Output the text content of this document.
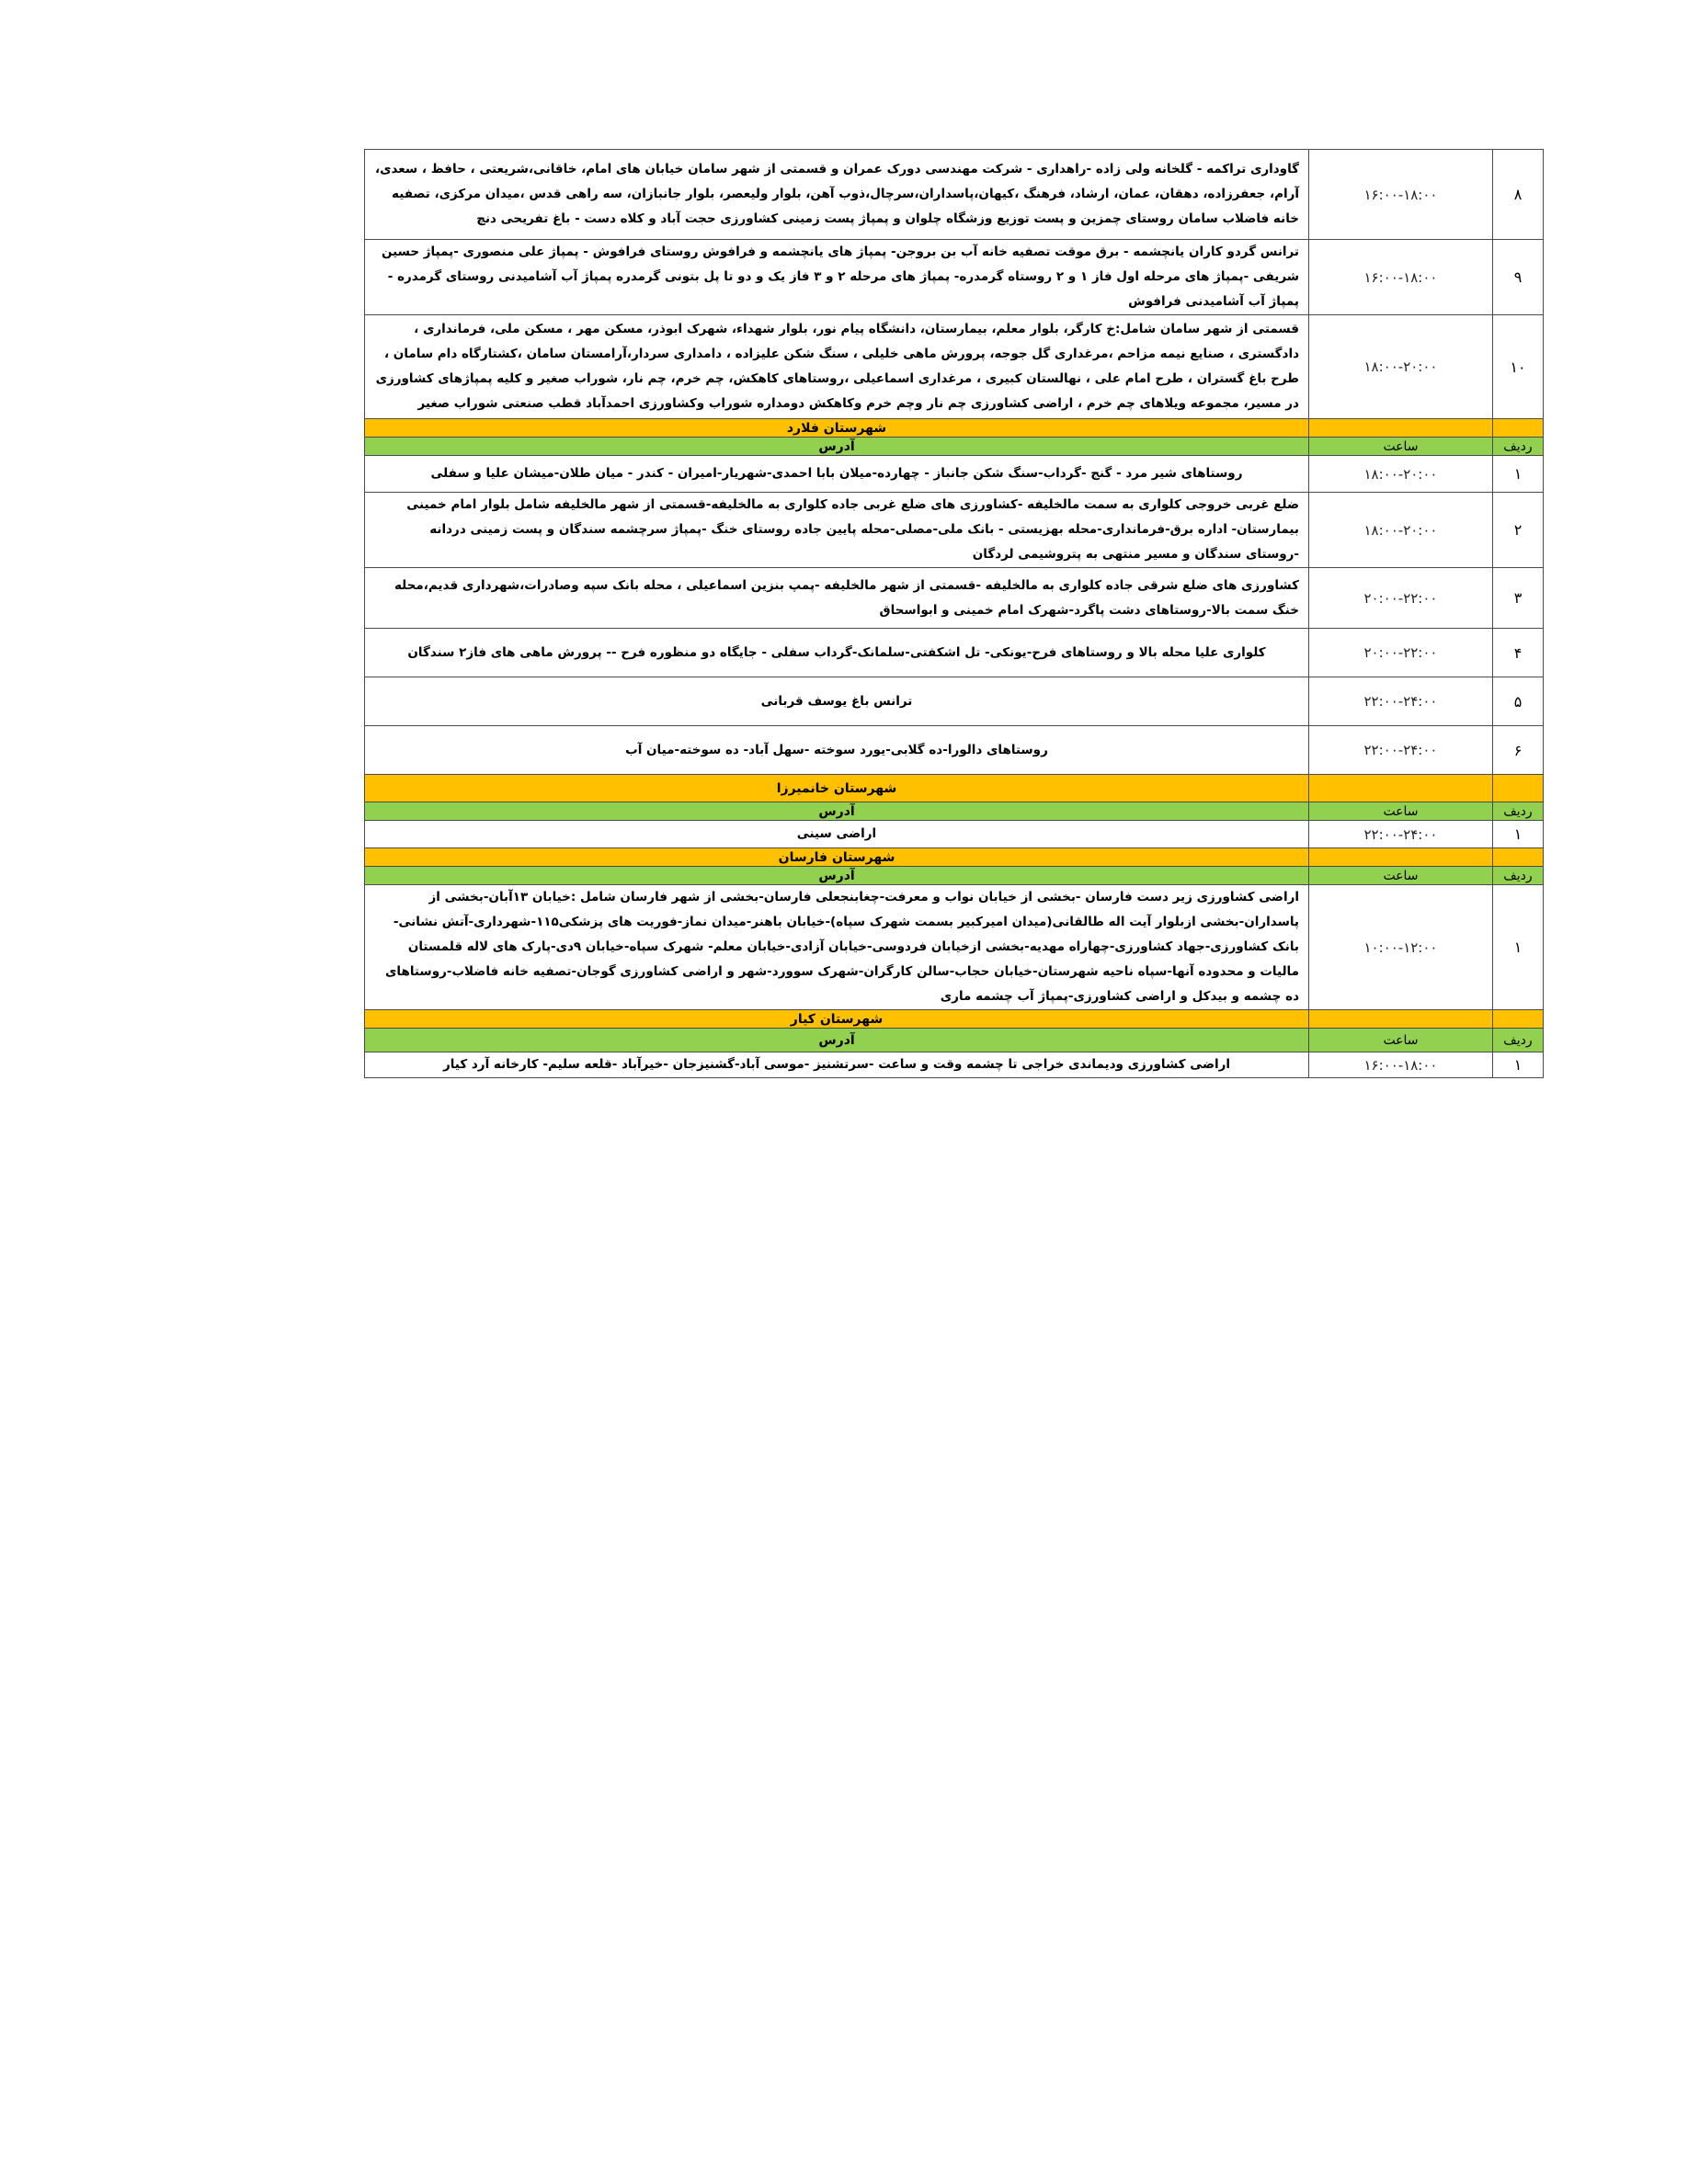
۸	۱۶:۰۰-۱۸:۰۰	گاوداری تراکمه - گلخانه ولی زاده -راهداری - شرکت مهندسی دورک عمران و قسمتی از شهر سامان خیابان های امام، خاقانی،شریعتی ، حافظ ، سعدی، آرام، جعفرزاده، دهقان، عمان، ارشاد، فرهنگ ،کیهان،پاسداران،سرچال،ذوب آهن، بلوار ولیعصر، بلوار جانبازان، سه راهی قدس ،میدان مرکزی، تصفیه خانه فاضلاب سامان روستای چمزین و پست توزیع وزشگاه چلوان و پمپاژ پست زمینی کشاورزی حجت آباد و کلاه دست - باغ تفریحی دنچ
۹	۱۶:۰۰-۱۸:۰۰	ترانس گردو کاران یانچشمه - برق موقت تصفیه خانه آب بن بروجن- پمپاژ های یانچشمه و فرافوش روستای فرافوش - پمپاژ علی منصوری -پمپاژ حسین شریفی -پمپاژ های مرحله اول فاز ۱ و ۲ روستاه گرمدره- پمپاژ های مرحله ۲ و ۳ فاز یک و دو تا پل بتونی گرمدره پمپاژ آب آشامیدنی روستای گرمدره - پمپاژ آب آشامیدنی فرافوش
۱۰	۱۸:۰۰-۲۰:۰۰	قسمتی از شهر سامان شامل:خ کارگر، بلوار معلم، بیمارستان، دانشگاه پیام نور، بلوار شهداء، شهرک ابوذر، مسکن مهر ، مسکن ملی، فرمانداری ، دادگستری ، صنایع نیمه مزاحم ،مرغداری گل جوجه، پرورش ماهی خلیلی ، سنگ شکن علیزاده ، دامداری سردار،آرامستان سامان ،کشتارگاه دام سامان ، طرح باغ گستران ، طرح امام علی ، نهالستان کبیری ، مرغداری اسماعیلی ،روستاهای کاهکش، چم خرم، چم نار، شوراب صغیر و کلیه پمپاژهای کشاورزی در مسیر، مجموعه ویلاهای چم خرم ، اراضی کشاورزی چم نار وچم خرم وکاهکش دومداره شوراب وکشاورزی احمدآباد قطب صنعتی شوراب صغیر
		شهرستان فلارد
ردیف	ساعت	آدرس
۱	۱۸:۰۰-۲۰:۰۰	روستاهای شیر مرد - گنج -گرداب-سنگ شکن جانباز - چهارده-میلان بابا احمدی-شهریار-امیران - کندر - میان طلان-میشان علیا و سفلی
۲	۱۸:۰۰-۲۰:۰۰	ضلع غربی خروجی کلواری به سمت مالخلیفه -کشاورزی های ضلع غربی جاده کلواری به مالخلیفه-قسمتی از شهر مالخلیفه شامل بلوار امام خمینی بیمارستان- اداره برق-فرمانداری-محله بهزیستی - بانک ملی-مصلی-محله پایین جاده روستای خنگ -پمپاژ سرچشمه سندگان و پست زمینی دردانه -روستای سندگان و مسیر منتهی به پتروشیمی لردگان
۳	۲۰:۰۰-۲۲:۰۰	کشاورزی های ضلع شرقی جاده کلواری به مالخلیفه -قسمتی از شهر مالخلیفه -پمپ بنزین اسماعیلی ، محله بانک سپه وصادرات،شهرداری قدیم،محله خنگ سمت بالا-روستاهای دشت پاگرد-شهرک امام خمینی و ابواسحاق
۴	۲۰:۰۰-۲۲:۰۰	کلواری علیا محله بالا و روستاهای فرح-یونکی- تل اشکفتی-سلمانک-گرداب سفلی - جایگاه دو منظوره فرح -- پرورش ماهی های فاز۲ سندگان
۵	۲۲:۰۰-۲۴:۰۰	ترانس باغ یوسف قربانی
۶	۲۲:۰۰-۲۴:۰۰	روستاهای دالورا-ده گلابی-یورد سوخته -سهل آباد- ده سوخته-میان آب
		شهرستان خانمیرزا
ردیف	ساعت	آدرس
۱	۲۲:۰۰-۲۴:۰۰	اراضی سینی
		شهرستان فارسان
ردیف	ساعت	آدرس
۱	۱۰:۰۰-۱۲:۰۰	اراضی کشاورزی زیر دست فارسان -بخشی از خیابان نواب و معرفت-چغابنجعلی فارسان-بخشی از شهر فارسان شامل :خیابان ۱۳آبان-بخشی از پاسداران-بخشی ازبلوار آیت اله طالقانی(میدان امیرکبیر بسمت شهرک سپاه)-خیابان باهنر-میدان نماز-فوریت های پزشکی۱۱۵-شهرداری-آتش نشانی-بانک کشاورزی-جهاد کشاورزی-چهاراه مهدیه-بخشی ازخیابان فردوسی-خیابان آزادی-خیابان معلم- شهرک سپاه-خیابان ۹دی-پارک های لاله قلمستان مالیات و محدوده آنها-سپاه ناحیه شهرستان-خیابان حجاب-سالن کارگران-شهرک سوورد-شهر و اراضی کشاورزی گوجان-تصفیه خانه فاضلاب-روستاهای ده چشمه و بیدکل و اراضی کشاورزی-پمپاژ آب چشمه ماری
		شهرستان کیار
ردیف	ساعت	آدرس
۱	۱۶:۰۰-۱۸:۰۰	اراضی کشاورزی ودیماندی خراجی تا چشمه وقت و ساعت -سرتشنیز -موسی آباد-گشنیزجان -خیرآباد -قلعه سلیم- کارخانه آرد کیار
